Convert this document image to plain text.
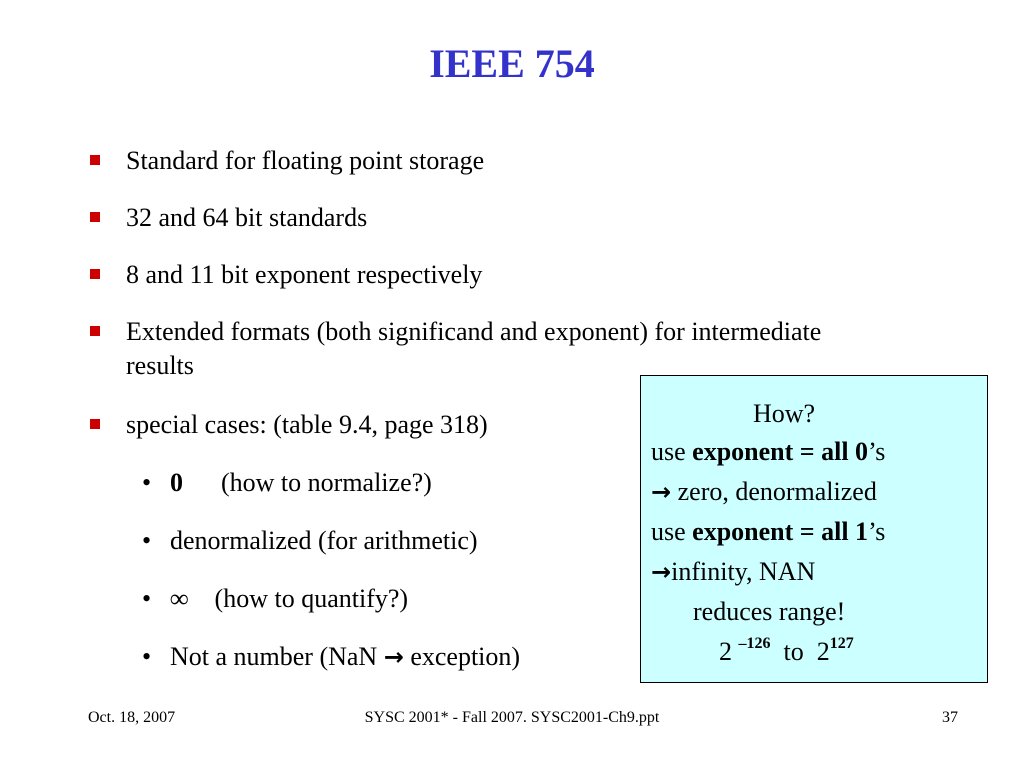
IEEE 754
Standard for floating point storage
32 and 64 bit standards
8 and 11 bit exponent respectively
Extended formats (both significand and exponent) for intermediate results
special cases: (table 9.4, page 318)
• 0 (how to normalize?)
• denormalized (for arithmetic)
• ∞ (how to quantify?)
• Not a number (NaN → exception)
How?
use exponent = all 0’s
→ zero, denormalized
use exponent = all 1’s
→infinity, NAN
reduces range!
2 $^{-126}$  to  $2^{127}$
Oct. 18, 2007	SYSC 2001* - Fall 2007. SYSC2001-Ch9.ppt	37
